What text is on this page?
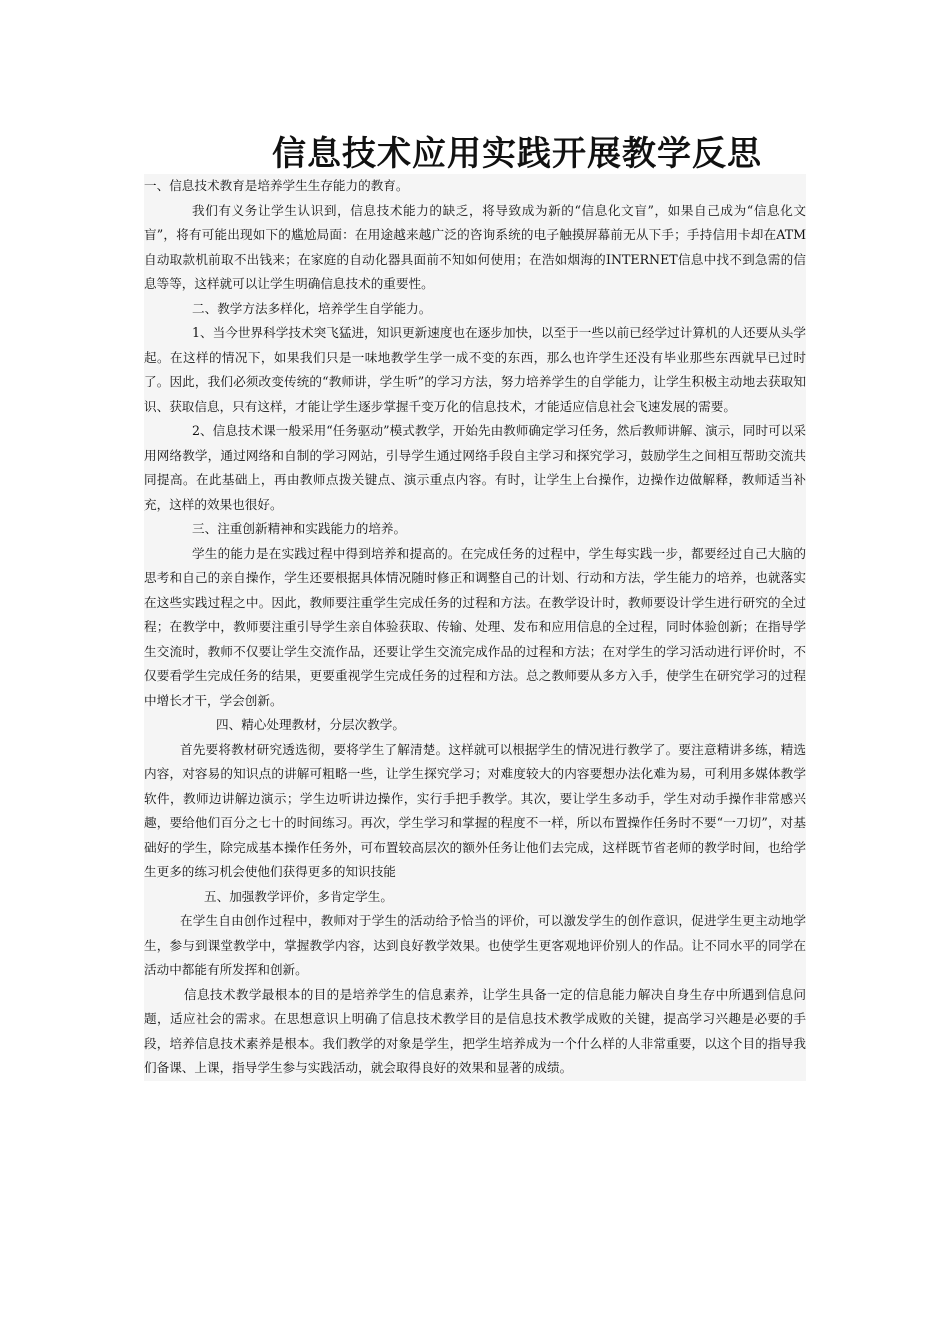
信息技术应用实践开展教学反思

一、信息技术教育是培养学生生存能力的教育。

我们有义务让学生认识到，信息技术能力的缺乏，将导致成为新的“信息化文盲”，如果自己成为“信息化文盲”，将有可能出现如下的尴尬局面：在用途越来越广泛的咨询系统的电子触摸屏幕前无从下手；手持信用卡却在ATM自动取款机前取不出钱来；在家庭的自动化器具面前不知如何使用；在浩如烟海的INTERNET信息中找不到急需的信息等等，这样就可以让学生明确信息技术的重要性。

二、教学方法多样化，培养学生自学能力。

1、当今世界科学技术突飞猛进，知识更新速度也在逐步加快，以至于一些以前已经学过计算机的人还要从头学起。在这样的情况下，如果我们只是一味地教学生学一成不变的东西，那么也许学生还没有毕业那些东西就早已过时了。因此，我们必须改变传统的“教师讲，学生听”的学习方法，努力培养学生的自学能力，让学生积极主动地去获取知识、获取信息，只有这样，才能让学生逐步掌握千变万化的信息技术，才能适应信息社会飞速发展的需要。

2、信息技术课一般采用“任务驱动”模式教学，开始先由教师确定学习任务，然后教师讲解、演示，同时可以采用网络教学，通过网络和自制的学习网站，引导学生通过网络手段自主学习和探究学习，鼓励学生之间相互帮助交流共同提高。在此基础上，再由教师点拨关键点、演示重点内容。有时，让学生上台操作，边操作边做解释，教师适当补充，这样的效果也很好。

三、注重创新精神和实践能力的培养。

学生的能力是在实践过程中得到培养和提高的。在完成任务的过程中，学生每实践一步，都要经过自己大脑的思考和自己的亲自操作，学生还要根据具体情况随时修正和调整自己的计划、行动和方法，学生能力的培养，也就落实在这些实践过程之中。因此，教师要注重学生完成任务的过程和方法。在教学设计时，教师要设计学生进行研究的全过程；在教学中，教师要注重引导学生亲自体验获取、传输、处理、发布和应用信息的全过程，同时体验创新；在指导学生交流时，教师不仅要让学生交流作品，还要让学生交流完成作品的过程和方法；在对学生的学习活动进行评价时，不仅要看学生完成任务的结果，更要重视学生完成任务的过程和方法。总之教师要从多方入手，使学生在研究学习的过程中增长才干，学会创新。

四、精心处理教材，分层次教学。

首先要将教材研究透选彻，要将学生了解清楚。这样就可以根据学生的情况进行教学了。要注意精讲多练，精选内容，对容易的知识点的讲解可粗略一些，让学生探究学习；对难度较大的内容要想办法化难为易，可利用多媒体教学软件，教师边讲解边演示；学生边听讲边操作，实行手把手教学。其次，要让学生多动手，学生对动手操作非常感兴趣，要给他们百分之七十的时间练习。再次，学生学习和掌握的程度不一样，所以布置操作任务时不要“一刀切”，对基础好的学生，除完成基本操作任务外，可布置较高层次的额外任务让他们去完成，这样既节省老师的教学时间，也给学生更多的练习机会使他们获得更多的知识技能

五、加强教学评价，多肯定学生。

在学生自由创作过程中，教师对于学生的活动给予恰当的评价，可以激发学生的创作意识，促进学生更主动地学生，参与到课堂教学中，掌握教学内容，达到良好教学效果。也使学生更客观地评价别人的作品。让不同水平的同学在活动中都能有所发挥和创新。

信息技术教学最根本的目的是培养学生的信息素养，让学生具备一定的信息能力解决自身生存中所遇到信息问题，适应社会的需求。在思想意识上明确了信息技术教学目的是信息技术教学成败的关键，提高学习兴趣是必要的手段，培养信息技术素养是根本。我们教学的对象是学生，把学生培养成为一个什么样的人非常重要，以这个目的指导我们备课、上课，指导学生参与实践活动，就会取得良好的效果和显著的成绩。
